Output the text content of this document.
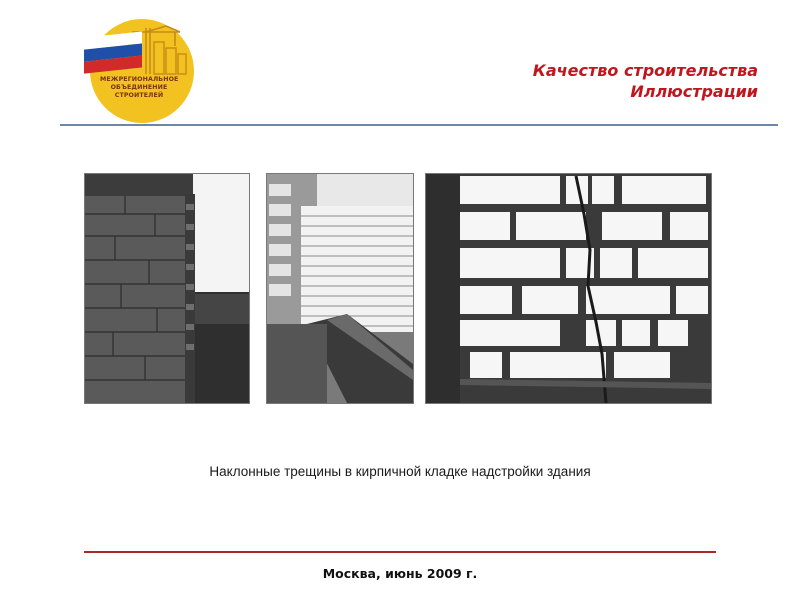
МЕЖРЕГИОНАЛЬНОЕ
ОБЪЕДИНЕНИЕ
СТРОИТЕЛЕЙ
Качество строительства
Иллюстрации
Наклонные трещины в кирпичной кладке надстройки здания
Москва, июнь 2009 г.
